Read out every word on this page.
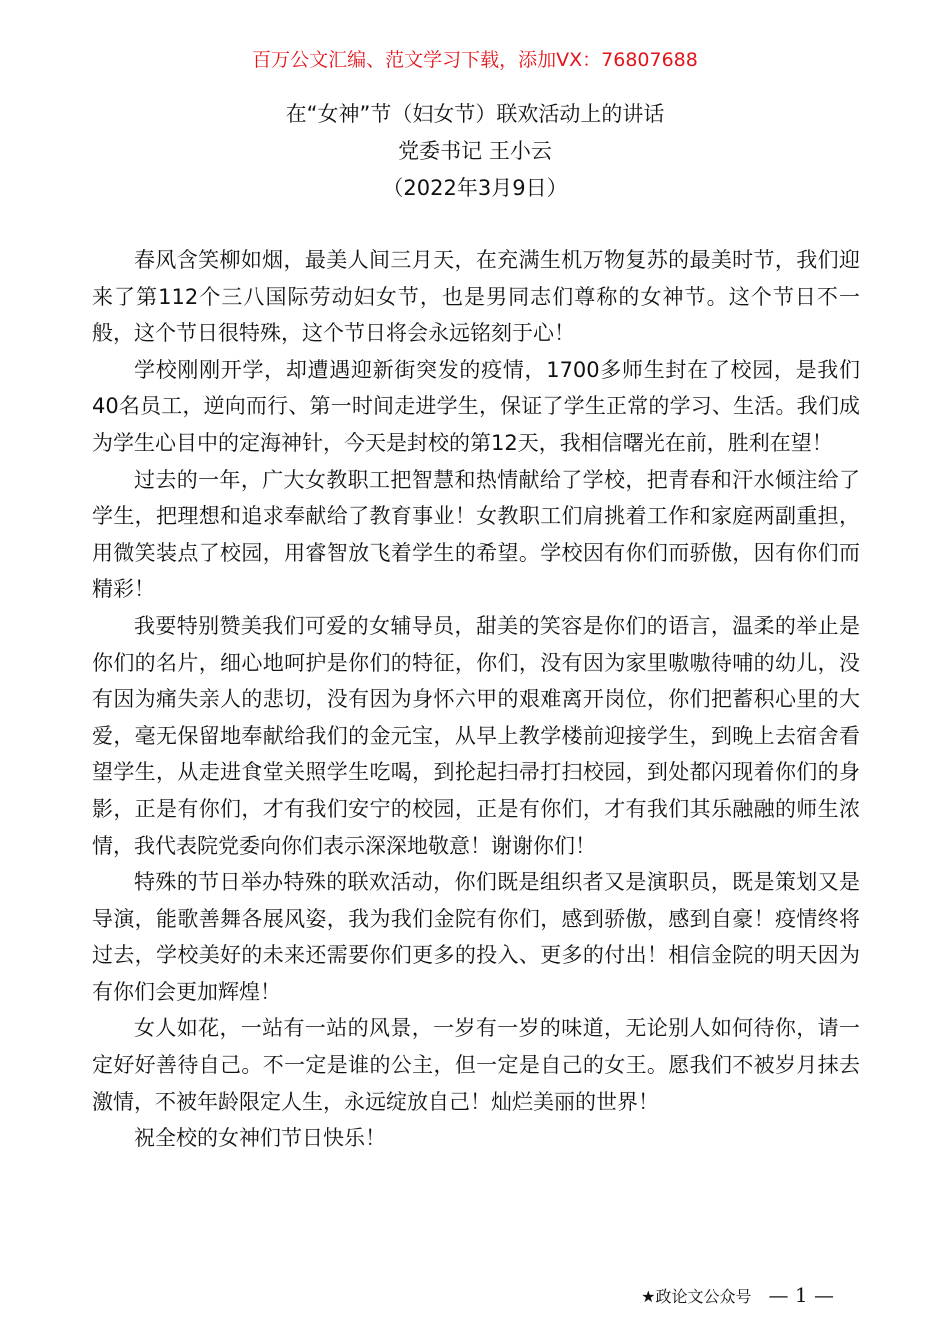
百万公文汇编、范文学习下载，添加VX：76807688
在“女神”节（妇女节）联欢活动上的讲话
党委书记 王小云
（2022年3月9日）

春风含笑柳如烟，最美人间三月天，在充满生机万物复苏的最美时节，我们迎来了第112个三八国际劳动妇女节，也是男同志们尊称的女神节。这个节日不一般，这个节日很特殊，这个节日将会永远铭刻于心！

学校刚刚开学，却遭遇迎新街突发的疫情，1700多师生封在了校园，是我们40名员工，逆向而行、第一时间走进学生，保证了学生正常的学习、生活。我们成为学生心目中的定海神针，今天是封校的第12天，我相信曙光在前，胜利在望！

过去的一年，广大女教职工把智慧和热情献给了学校，把青春和汗水倾注给了学生，把理想和追求奉献给了教育事业！女教职工们肩挑着工作和家庭两副重担，用微笑装点了校园，用睿智放飞着学生的希望。学校因有你们而骄傲，因有你们而精彩！

我要特别赞美我们可爱的女辅导员，甜美的笑容是你们的语言，温柔的举止是你们的名片，细心地呵护是你们的特征，你们，没有因为家里嗷嗷待哺的幼儿，没有因为痛失亲人的悲切，没有因为身怀六甲的艰难离开岗位，你们把蓄积心里的大爱，毫无保留地奉献给我们的金元宝，从早上教学楼前迎接学生，到晚上去宿舍看望学生，从走进食堂关照学生吃喝，到抡起扫帚打扫校园，到处都闪现着你们的身影，正是有你们，才有我们安宁的校园，正是有你们，才有我们其乐融融的师生浓情，我代表院党委向你们表示深深地敬意！谢谢你们！

特殊的节日举办特殊的联欢活动，你们既是组织者又是演职员，既是策划又是导演，能歌善舞各展风姿，我为我们金院有你们，感到骄傲，感到自豪！疫情终将过去，学校美好的未来还需要你们更多的投入、更多的付出！相信金院的明天因为有你们会更加辉煌！

女人如花，一站有一站的风景，一岁有一岁的味道，无论别人如何待你，请一定好好善待自己。不一定是谁的公主，但一定是自己的女王。愿我们不被岁月抹去激情，不被年龄限定人生，永远绽放自己！灿烂美丽的世界！

祝全校的女神们节日快乐！

★政论文公众号 — 1 —
